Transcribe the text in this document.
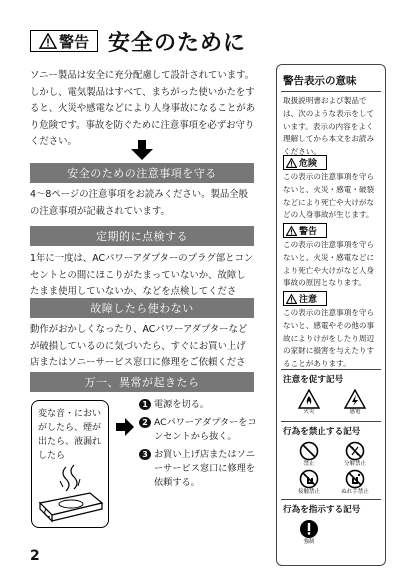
警告 安全のために
ソニー製品は安全に充分配慮して設計されています。しかし、電気製品はすべて、まちがった使いかたをすると、火災や感電などにより人身事故になることがあり危険です。事故を防ぐために注意事項を必ずお守りください。
安全のための注意事項を守る
4～8ページの注意事項をお読みください。製品全般の注意事項が記載されています。
定期的に点検する
1年に一度は、ACパワーアダプターのプラグ部とコンセントとの間にほこりがたまっていないか、故障したまま使用していないか、などを点検してくださ
故障したら使わない
動作がおかしくなったり、ACパワーアダプターなどが破損しているのに気づいたら、すぐにお買い上げ店またはソニーサービス窓口に修理をご依頼くださ
万一、異常が起きたら
変な音・においがしたら、煙が出たら、液漏れしたら
1 電源を切る。
2 ACパワーアダプターをコンセントから抜く。
3 お買い上げ店またはソニーサービス窓口に修理を依頼する。
2
警告表示の意味
取扱説明書および製品では、次のような表示をしています。表示の内容をよく理解してから本文をお読みください。
危険
この表示の注意事項を守らないと、火災・感電・破裂などにより死亡や大けがなどの人身事故が生じます。
警告
この表示の注意事項を守らないと、火災・感電などにより死亡や大けがなど人身事故の原因となります。
注意
この表示の注意事項を守らないと、感電やその他の事故によりけがをしたり周辺の家財に損害を与えたりすることがあります。
注意を促す記号
火災	感電
行為を禁止する記号
禁止	分解禁止
接触禁止	ぬれ手禁止
行為を指示する記号
強制
